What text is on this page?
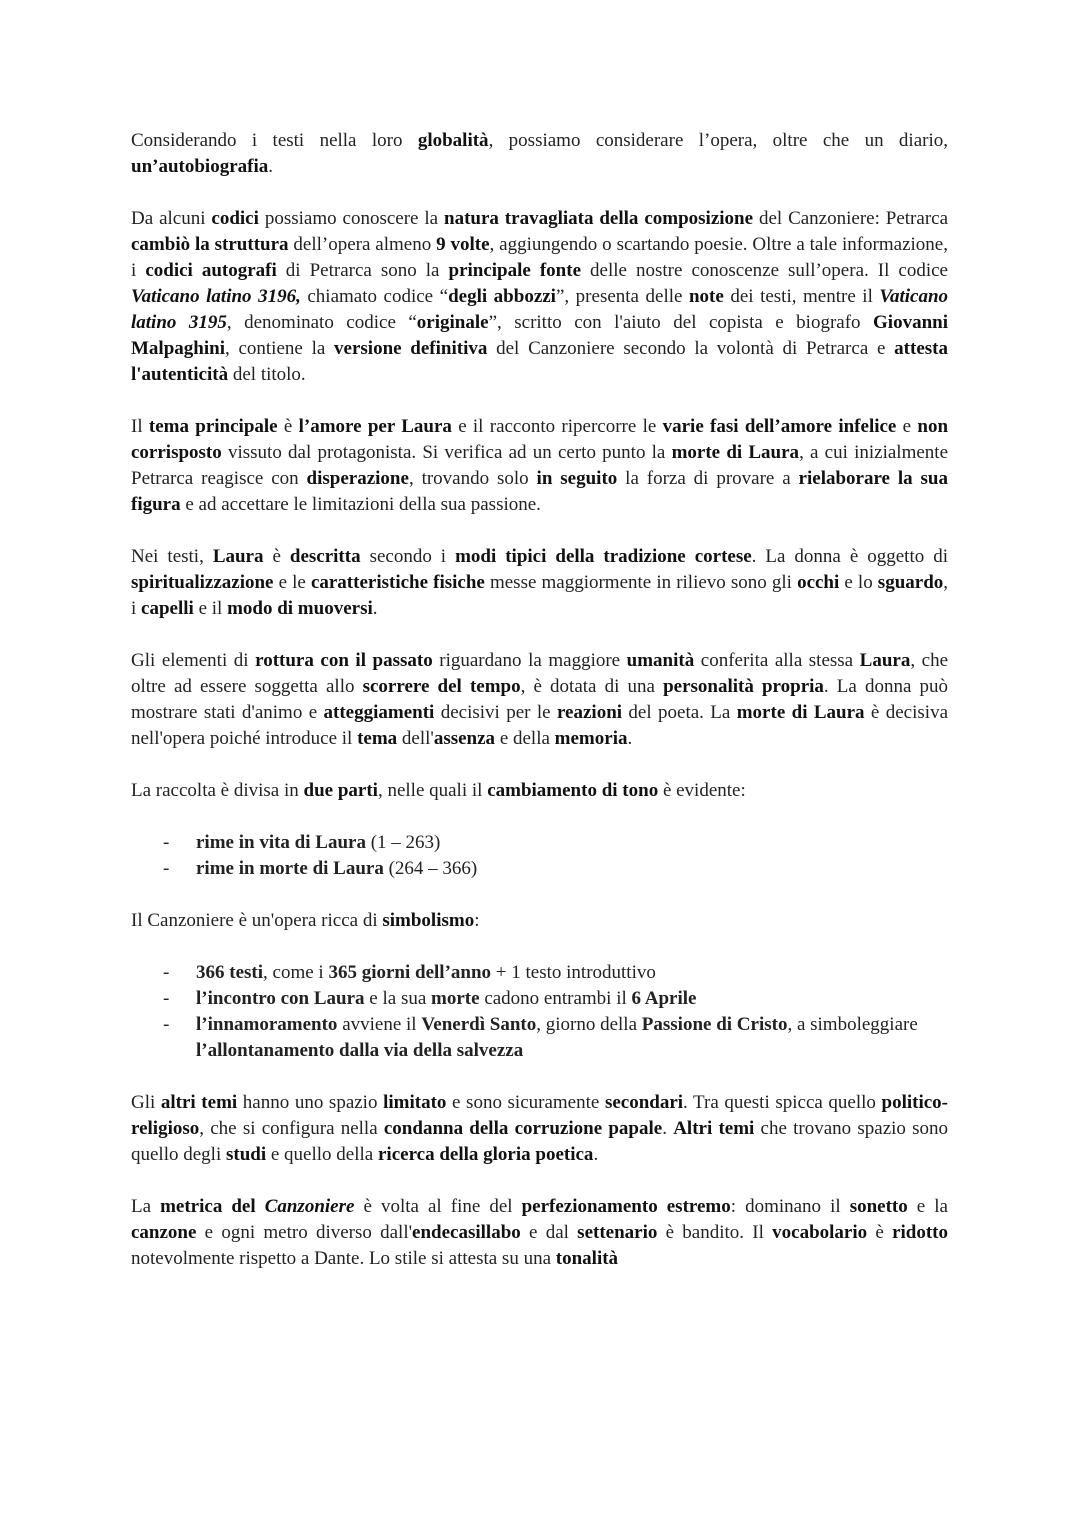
Considerando i testi nella loro globalità, possiamo considerare l’opera, oltre che un diario, un’autobiografia.

Da alcuni codici possiamo conoscere la natura travagliata della composizione del Canzoniere: Petrarca cambiò la struttura dell’opera almeno 9 volte, aggiungendo o scartando poesie. Oltre a tale informazione, i codici autografi di Petrarca sono la principale fonte delle nostre conoscenze sull’opera. Il codice Vaticano latino 3196, chiamato codice “degli abbozzi”, presenta delle note dei testi, mentre il Vaticano latino 3195, denominato codice “originale”, scritto con l'aiuto del copista e biografo Giovanni Malpaghini, contiene la versione definitiva del Canzoniere secondo la volontà di Petrarca e attesta l'autenticità del titolo.

Il tema principale è l’amore per Laura e il racconto ripercorre le varie fasi dell’amore infelice e non corrisposto vissuto dal protagonista. Si verifica ad un certo punto la morte di Laura, a cui inizialmente Petrarca reagisce con disperazione, trovando solo in seguito la forza di provare a rielaborare la sua figura e ad accettare le limitazioni della sua passione.

Nei testi, Laura è descritta secondo i modi tipici della tradizione cortese. La donna è oggetto di spiritualizzazione e le caratteristiche fisiche messe maggiormente in rilievo sono gli occhi e lo sguardo, i capelli e il modo di muoversi.

Gli elementi di rottura con il passato riguardano la maggiore umanità conferita alla stessa Laura, che oltre ad essere soggetta allo scorrere del tempo, è dotata di una personalità propria. La donna può mostrare stati d'animo e atteggiamenti decisivi per le reazioni del poeta. La morte di Laura è decisiva nell'opera poiché introduce il tema dell'assenza e della memoria.

La raccolta è divisa in due parti, nelle quali il cambiamento di tono è evidente:

- rime in vita di Laura (1 – 263)
- rime in morte di Laura (264 – 366)

Il Canzoniere è un'opera ricca di simbolismo:

- 366 testi, come i 365 giorni dell’anno + 1 testo introduttivo
- l’incontro con Laura e la sua morte cadono entrambi il 6 Aprile
- l’innamoramento avviene il Venerdì Santo, giorno della Passione di Cristo, a simboleggiare l’allontanamento dalla via della salvezza

Gli altri temi hanno uno spazio limitato e sono sicuramente secondari. Tra questi spicca quello politico-religioso, che si configura nella condanna della corruzione papale. Altri temi che trovano spazio sono quello degli studi e quello della ricerca della gloria poetica.

La metrica del Canzoniere è volta al fine del perfezionamento estremo: dominano il sonetto e la canzone e ogni metro diverso dall'endecasillabo e dal settenario è bandito. Il vocabolario è ridotto notevolmente rispetto a Dante. Lo stile si attesta su una tonalità
